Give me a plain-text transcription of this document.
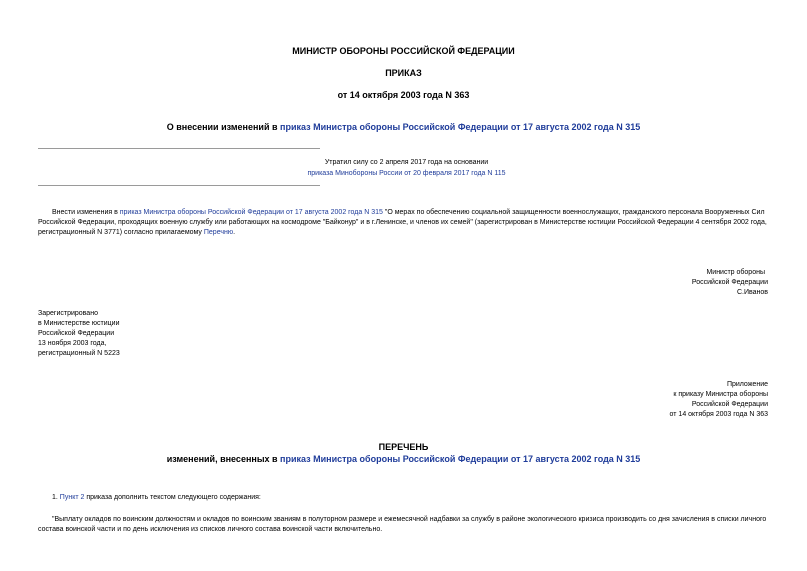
МИНИСТР ОБОРОНЫ РОССИЙСКОЙ ФЕДЕРАЦИИ
ПРИКАЗ
от 14 октября 2003 года N 363
О внесении изменений в приказ Министра обороны Российской Федерации от 17 августа 2002 года N 315
Утратил силу со 2 апреля 2017 года на основании
приказа Минобороны России от 20 февраля 2017 года N 115
Внести изменения в приказ Министра обороны Российской Федерации от 17 августа 2002 года N 315 "О мерах по обеспечению социальной защищенности военнослужащих, гражданского персонала Вооруженных Сил Российской Федерации, проходящих военную службу или работающих на космодроме "Байконур" и в г.Ленинске, и членов их семей" (зарегистрирован в Министерстве юстиции Российской Федерации 4 сентября 2002 года, регистрационный N 3771) согласно прилагаемому Перечню.
Министр обороны
Российской Федерации
С.Иванов
Зарегистрировано
в Министерстве юстиции
Российской Федерации
13 ноября 2003 года,
регистрационный N 5223
Приложение
к приказу Министра обороны
Российской Федерации
от 14 октября 2003 года N 363
ПЕРЕЧЕНЬ
изменений, внесенных в приказ Министра обороны Российской Федерации от 17 августа 2002 года N 315
1. Пункт 2 приказа дополнить текстом следующего содержания:
"Выплату окладов по воинским должностям и окладов по воинским званиям в полуторном размере и ежемесячной надбавки за службу в районе экологического кризиса производить со дня зачисления в списки личного состава воинской части и по день исключения из списков личного состава воинской части включительно.
